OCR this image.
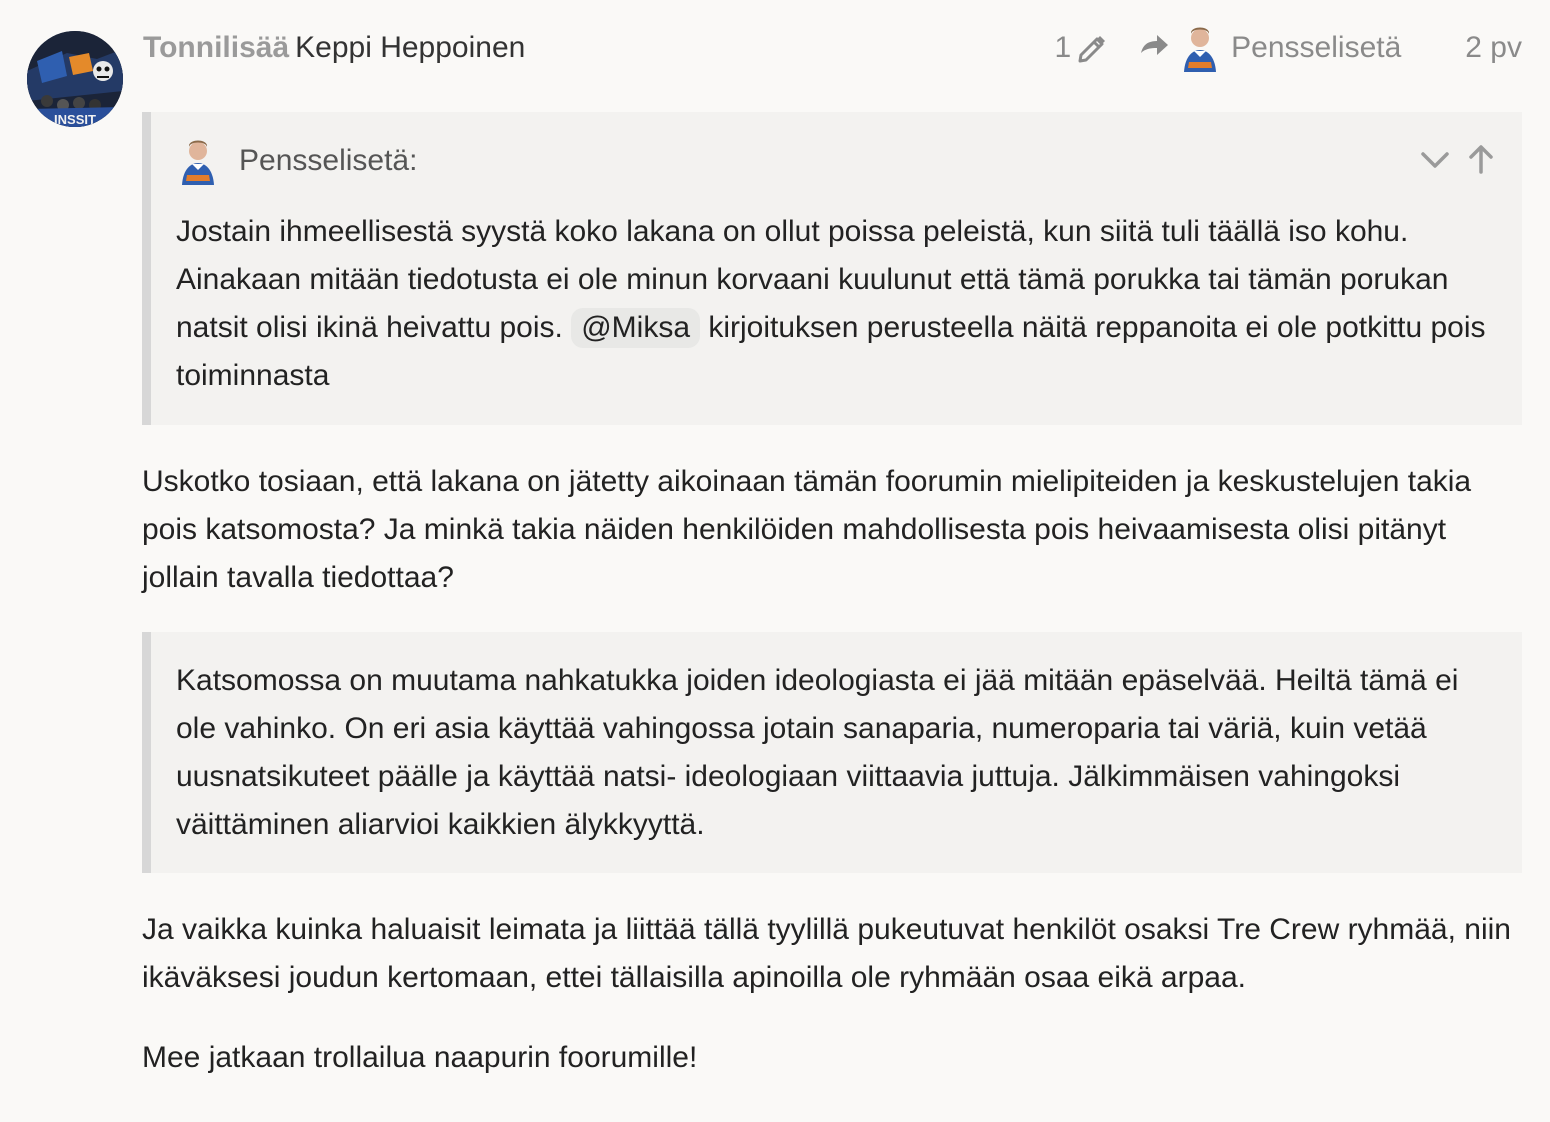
INSSIT
Tonnilisää Keppi Heppoinen	1	Pensselisetä 2 pv
Pensselisetä:
Jostain ihmeellisestä syystä koko lakana on ollut poissa peleistä, kun siitä tuli täällä iso kohu. Ainakaan mitään tiedotusta ei ole minun korvaani kuulunut että tämä porukka tai tämän porukan natsit olisi ikinä heivattu pois. @Miksa kirjoituksen perusteella näitä reppanoita ei ole potkittu pois toiminnasta

Uskotko tosiaan, että lakana on jätetty aikoinaan tämän foorumin mielipiteiden ja keskustelujen takia pois katsomosta? Ja minkä takia näiden henkilöiden mahdollisesta pois heivaamisesta olisi pitänyt jollain tavalla tiedottaa?

Katsomossa on muutama nahkatukka joiden ideologiasta ei jää mitään epäselvää. Heiltä tämä ei ole vahinko. On eri asia käyttää vahingossa jotain sanaparia, numeroparia tai väriä, kuin vetää uusnatsikuteet päälle ja käyttää natsi- ideologiaan viittaavia juttuja. Jälkimmäisen vahingoksi väittäminen aliarvioi kaikkien älykkyyttä.

Ja vaikka kuinka haluaisit leimata ja liittää tällä tyylillä pukeutuvat henkilöt osaksi Tre Crew ryhmää, niin ikäväksesi joudun kertomaan, ettei tällaisilla apinoilla ole ryhmään osaa eikä arpaa.

Mee jatkaan trollailua naapurin foorumille!
